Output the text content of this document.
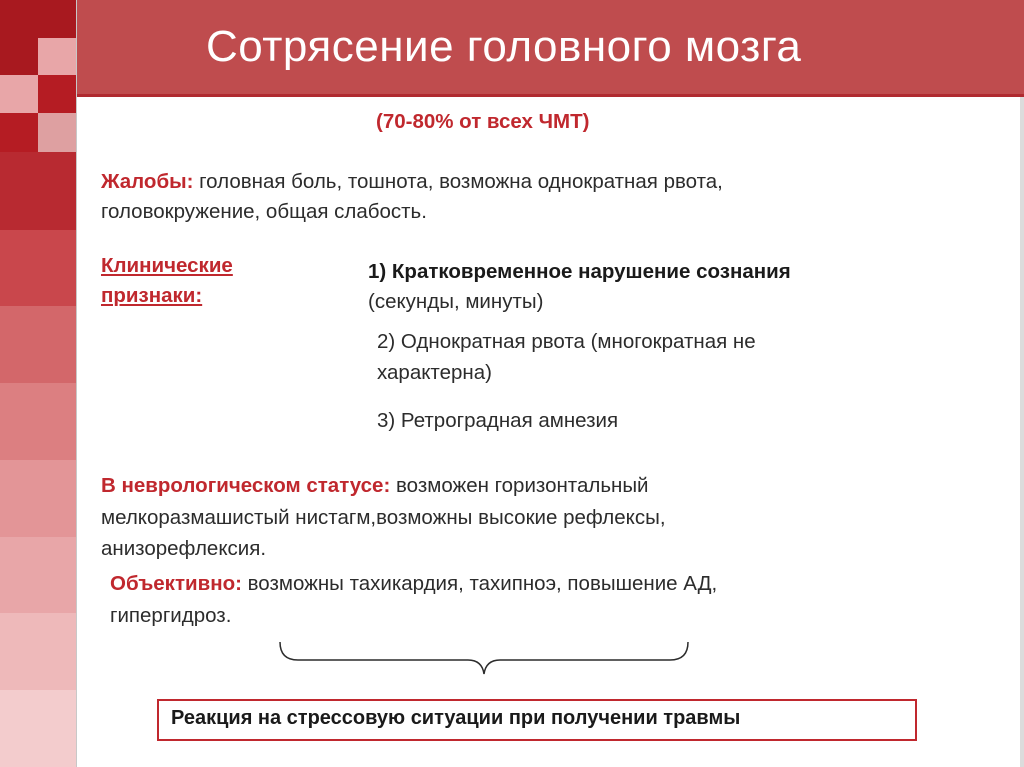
Сотрясение головного мозга
(70-80% от всех ЧМТ)
Жалобы: головная боль, тошнота, возможна однократная рвота,
головокружение, общая слабость.
Клинические
признаки:
1) Кратковременное нарушение сознания
(секунды, минуты)
2) Однократная рвота (многократная не
характерна)
3) Ретроградная амнезия
В неврологическом статусе: возможен горизонтальный
мелкоразмашистый нистагм,возможны высокие рефлексы,
анизорефлексия.
Объективно: возможны тахикардия, тахипноэ, повышение АД,
гипергидроз.
Реакция на стрессовую ситуации при получении травмы
